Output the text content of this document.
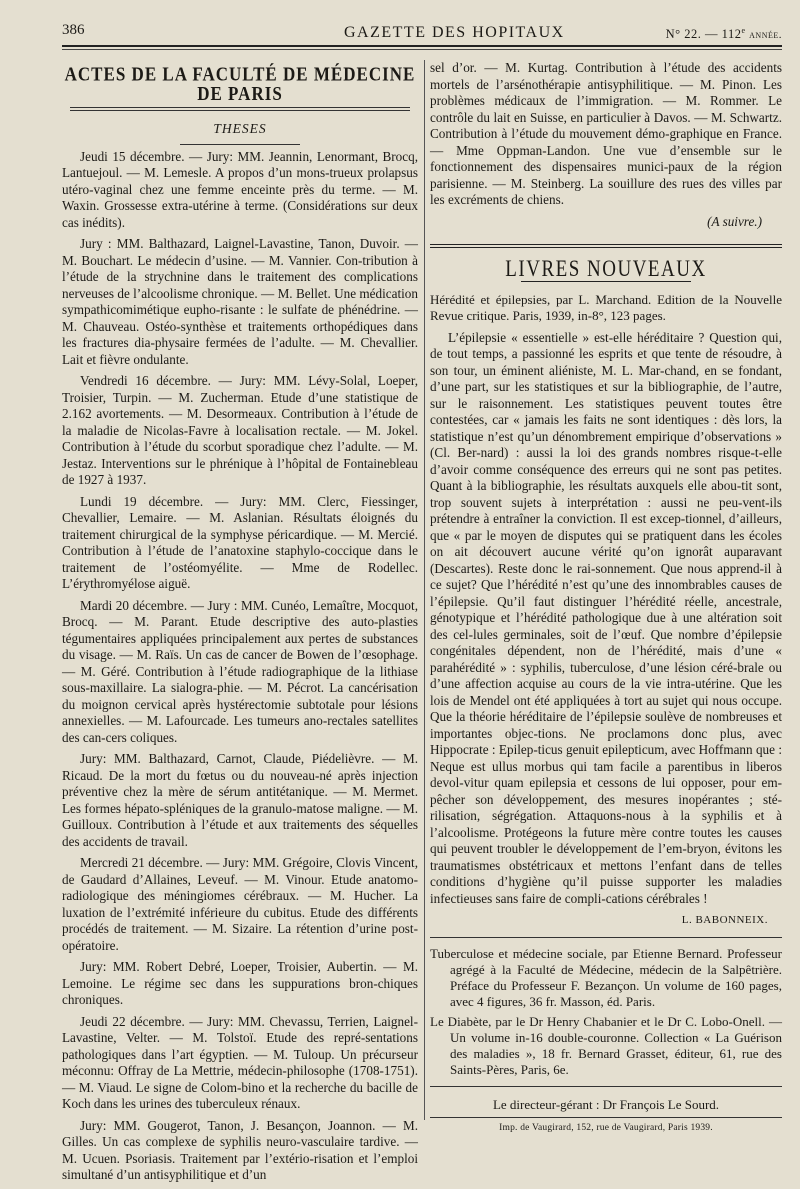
386	GAZETTE DES HOPITAUX	N° 22. — 112e année.
ACTES DE LA FACULTÉ DE MÉDECINE DE PARIS
THESES

Jeudi 15 décembre. — Jury: MM. Jeannin, Lenormant, Brocq, Lantuejoul. — M. Lemesle. A propos d’un mons-trueux prolapsus utéro-vaginal chez une femme enceinte près du terme. — M. Waxin. Grossesse extra-utérine à terme. (Considérations sur deux cas inédits).

Jury : MM. Balthazard, Laignel-Lavastine, Tanon, Duvoir. — M. Bouchart. Le médecin d’usine. — M. Vannier. Con-tribution à l’étude de la strychnine dans le traitement des complications nerveuses de l’alcoolisme chronique. — M. Bellet. Une médication sympathicomimétique eupho-risante : le sulfate de phénédrine. — M. Chauveau. Ostéo-synthèse et traitements orthopédiques dans les fractures dia-physaire fermées de l’adulte. — M. Chevallier. Lait et fièvre ondulante.

Vendredi 16 décembre. — Jury: MM. Lévy-Solal, Loeper, Troisier, Turpin. — M. Zucherman. Etude d’une statistique de 2.162 avortements. — M. Desormeaux. Contribution à l’étude de la maladie de Nicolas-Favre à localisation rectale. — M. Jokel. Contribution à l’étude du scorbut sporadique chez l’adulte. — M. Jestaz. Interventions sur le phrénique à l’hôpital de Fontainebleau de 1927 à 1937.

Lundi 19 décembre. — Jury: MM. Clerc, Fiessinger, Chevallier, Lemaire. — M. Aslanian. Résultats éloignés du traitement chirurgical de la symphyse péricardique. — M. Mercié. Contribution à l’étude de l’anatoxine staphylo-coccique dans le traitement de l’ostéomyélite. — Mme de Rodellec. L’érythromyélose aiguë.

Mardi 20 décembre. — Jury : MM. Cunéo, Lemaître, Mocquot, Brocq. — M. Parant. Etude descriptive des auto-plasties tégumentaires appliquées principalement aux pertes de substances du visage. — M. Raïs. Un cas de cancer de Bowen de l’œsophage. — M. Géré. Contribution à l’étude radiographique de la lithiase sous-maxillaire. La sialogra-phie. — M. Pécrot. La cancérisation du moignon cervical après hystérectomie subtotale pour lésions annexielles. — M. Lafourcade. Les tumeurs ano-rectales satellites des can-cers coliques.

Jury: MM. Balthazard, Carnot, Claude, Piédelièvre. — M. Ricaud. De la mort du fœtus ou du nouveau-né après injection préventive chez la mère de sérum antitétanique. — M. Mermet. Les formes hépato-spléniques de la granulo-matose maligne. — M. Guilloux. Contribution à l’étude et aux traitements des séquelles des accidents de travail.

Mercredi 21 décembre. — Jury: MM. Grégoire, Clovis Vincent, de Gaudard d’Allaines, Leveuf. — M. Vinour. Etude anatomo-radiologique des méningiomes cérébraux. — M. Hucher. La luxation de l’extrémité inférieure du cubitus. Etude des différents procédés de traitement. — M. Sizaire. La rétention d’urine post-opératoire.

Jury: MM. Robert Debré, Loeper, Troisier, Aubertin. — M. Lemoine. Le régime sec dans les suppurations bron-chiques chroniques.

Jeudi 22 décembre. — Jury: MM. Chevassu, Terrien, Laignel-Lavastine, Velter. — M. Tolstoï. Etude des repré-sentations pathologiques dans l’art égyptien. — M. Tuloup. Un précurseur méconnu: Offray de La Mettrie, médecin-philosophe (1708-1751). — M. Viaud. Le signe de Colom-bino et la recherche du bacille de Koch dans les urines des tuberculeux rénaux.

Jury: MM. Gougerot, Tanon, J. Besançon, Joannon. — M. Gilles. Un cas complexe de syphilis neuro-vasculaire tardive. — M. Ucuen. Psoriasis. Traitement par l’extério-risation et l’emploi simultané d’un antisyphilitique et d’un

sel d’or. — M. Kurtag. Contribution à l’étude des accidents mortels de l’arsénothérapie antisyphilitique. — M. Pinon. Les problèmes médicaux de l’immigration. — M. Rommer. Le contrôle du lait en Suisse, en particulier à Davos. — M. Schwartz. Contribution à l’étude du mouvement démo-graphique en France. — Mme Oppman-Landon. Une vue d’ensemble sur le fonctionnement des dispensaires munici-paux de la région parisienne. — M. Steinberg. La souillure des rues des villes par les excréments de chiens.

(A suivre.)
LIVRES NOUVEAUX

Hérédité et épilepsies, par L. Marchand. Edition de la Nouvelle Revue critique. Paris, 1939, in-8°, 123 pages.

L’épilepsie « essentielle » est-elle héréditaire ? Question qui, de tout temps, a passionné les esprits et que tente de résoudre, à son tour, un éminent aliéniste, M. L. Mar-chand, en se fondant, d’une part, sur les statistiques et sur la bibliographie, de l’autre, sur le raisonnement. Les statistiques peuvent toutes être contestées, car « jamais les faits ne sont identiques : dès lors, la statistique n’est qu’un dénombrement empirique d’observations » (Cl. Ber-nard) : aussi la loi des grands nombres risque-t-elle d’avoir comme conséquence des erreurs qui ne sont pas petites. Quant à la bibliographie, les résultats auxquels elle abou-tit sont, trop souvent sujets à interprétation : aussi ne peu-vent-ils prétendre à entraîner la conviction. Il est excep-tionnel, d’ailleurs, que « par le moyen de disputes qui se pratiquent dans les écoles on ait découvert aucune vérité qu’on ignorât auparavant (Descartes). Reste donc le rai-sonnement. Que nous apprend-il à ce sujet? Que l’hérédité n’est qu’une des innombrables causes de l’épilepsie. Qu’il faut distinguer l’hérédité réelle, ancestrale, génotypique et l’hérédité pathologique due à une altération soit des cel-lules germinales, soit de l’œuf. Que nombre d’épilepsie congénitales dépendent, non de l’hérédité, mais d’une « parahérédité » : syphilis, tuberculose, d’une lésion céré-brale ou d’une affection acquise au cours de la vie intra-utérine. Que les lois de Mendel ont été appliquées à tort au sujet qui nous occupe. Que la théorie héréditaire de l’épilepsie soulève de nombreuses et importantes objec-tions. Ne proclamons donc plus, avec Hippocrate : Epilep-ticus genuit epilepticum, avec Hoffmann que : Neque est ullus morbus qui tam facile a parentibus in liberos devol-vitur quam epilepsia et cessons de lui opposer, pour em-pêcher son développement, des mesures inopérantes ; sté-rilisation, ségrégation. Attaquons-nous à la syphilis et à l’alcoolisme. Protégeons la future mère contre toutes les causes qui peuvent troubler le développement de l’em-bryon, évitons les traumatismes obstétricaux et mettons l’enfant dans de telles conditions d’hygiène qu’il puisse supporter les maladies infectieuses sans faire de compli-cations cérébrales !

L. BABONNEIX.

Tuberculose et médecine sociale, par Etienne Bernard. Professeur agrégé à la Faculté de Médecine, médecin de la Salpêtrière. Préface du Professeur F. Bezançon. Un volume de 160 pages, avec 4 figures, 36 fr. Masson, éd. Paris.

Le Diabète, par le Dr Henry Chabanier et le Dr C. Lobo-Onell. — Un volume in-16 double-couronne. Collection « La Guérison des maladies », 18 fr. Bernard Grasset, éditeur, 61, rue des Saints-Pères, Paris, 6e.

Le directeur-gérant : Dr François Le Sourd.
Imp. de Vaugirard, 152, rue de Vaugirard, Paris 1939.
